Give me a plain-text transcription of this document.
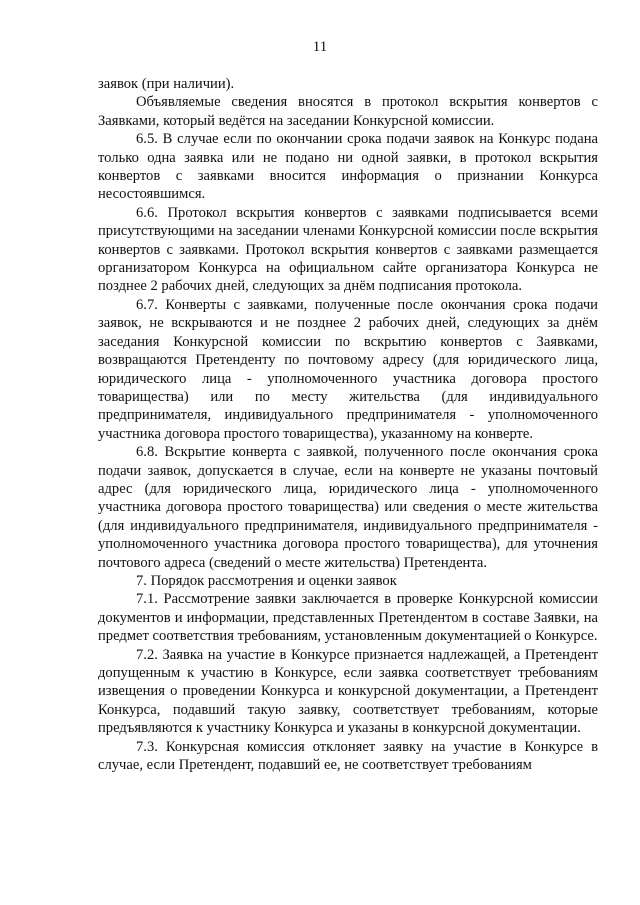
11

заявок (при наличии).

Объявляемые сведения вносятся в протокол вскрытия конвертов с Заявками, который ведётся на заседании Конкурсной комиссии.

6.5. В случае если по окончании срока подачи заявок на Конкурс подана только одна заявка или не подано ни одной заявки, в протокол вскрытия конвертов с заявками вносится информация о признании Конкурса несостоявшимся.

6.6. Протокол вскрытия конвертов с заявками подписывается всеми присутствующими на заседании членами Конкурсной комиссии после вскрытия конвертов с заявками. Протокол вскрытия конвертов с заявками размещается организатором Конкурса на официальном сайте организатора Конкурса не позднее 2 рабочих дней, следующих за днём подписания протокола.

6.7. Конверты с заявками, полученные после окончания срока подачи заявок, не вскрываются и не позднее 2 рабочих дней, следующих за днём заседания Конкурсной комиссии по вскрытию конвертов с Заявками, возвращаются Претенденту по почтовому адресу (для юридического лица, юридического лица - уполномоченного участника договора простого товарищества) или по месту жительства (для индивидуального предпринимателя, индивидуального предпринимателя - уполномоченного участника договора простого товарищества), указанному на конверте.

6.8. Вскрытие конверта с заявкой, полученного после окончания срока подачи заявок, допускается в случае, если на конверте не указаны почтовый адрес (для юридического лица, юридического лица - уполномоченного участника договора простого товарищества) или сведения о месте жительства (для индивидуального предпринимателя, индивидуального предпринимателя - уполномоченного участника договора простого товарищества), для уточнения почтового адреса (сведений о месте жительства) Претендента.

7. Порядок рассмотрения и оценки заявок

7.1. Рассмотрение заявки заключается в проверке Конкурсной комиссии документов и информации, представленных Претендентом в составе Заявки, на предмет соответствия требованиям, установленным документацией о Конкурсе.

7.2. Заявка на участие в Конкурсе признается надлежащей, а Претендент допущенным к участию в Конкурсе, если заявка соответствует требованиям извещения о проведении Конкурса и конкурсной документации, а Претендент Конкурса, подавший такую заявку, соответствует требованиям, которые предъявляются к участнику Конкурса и указаны в конкурсной документации.

7.3. Конкурсная комиссия отклоняет заявку на участие в Конкурсе в случае, если Претендент, подавший ее, не соответствует требованиям
